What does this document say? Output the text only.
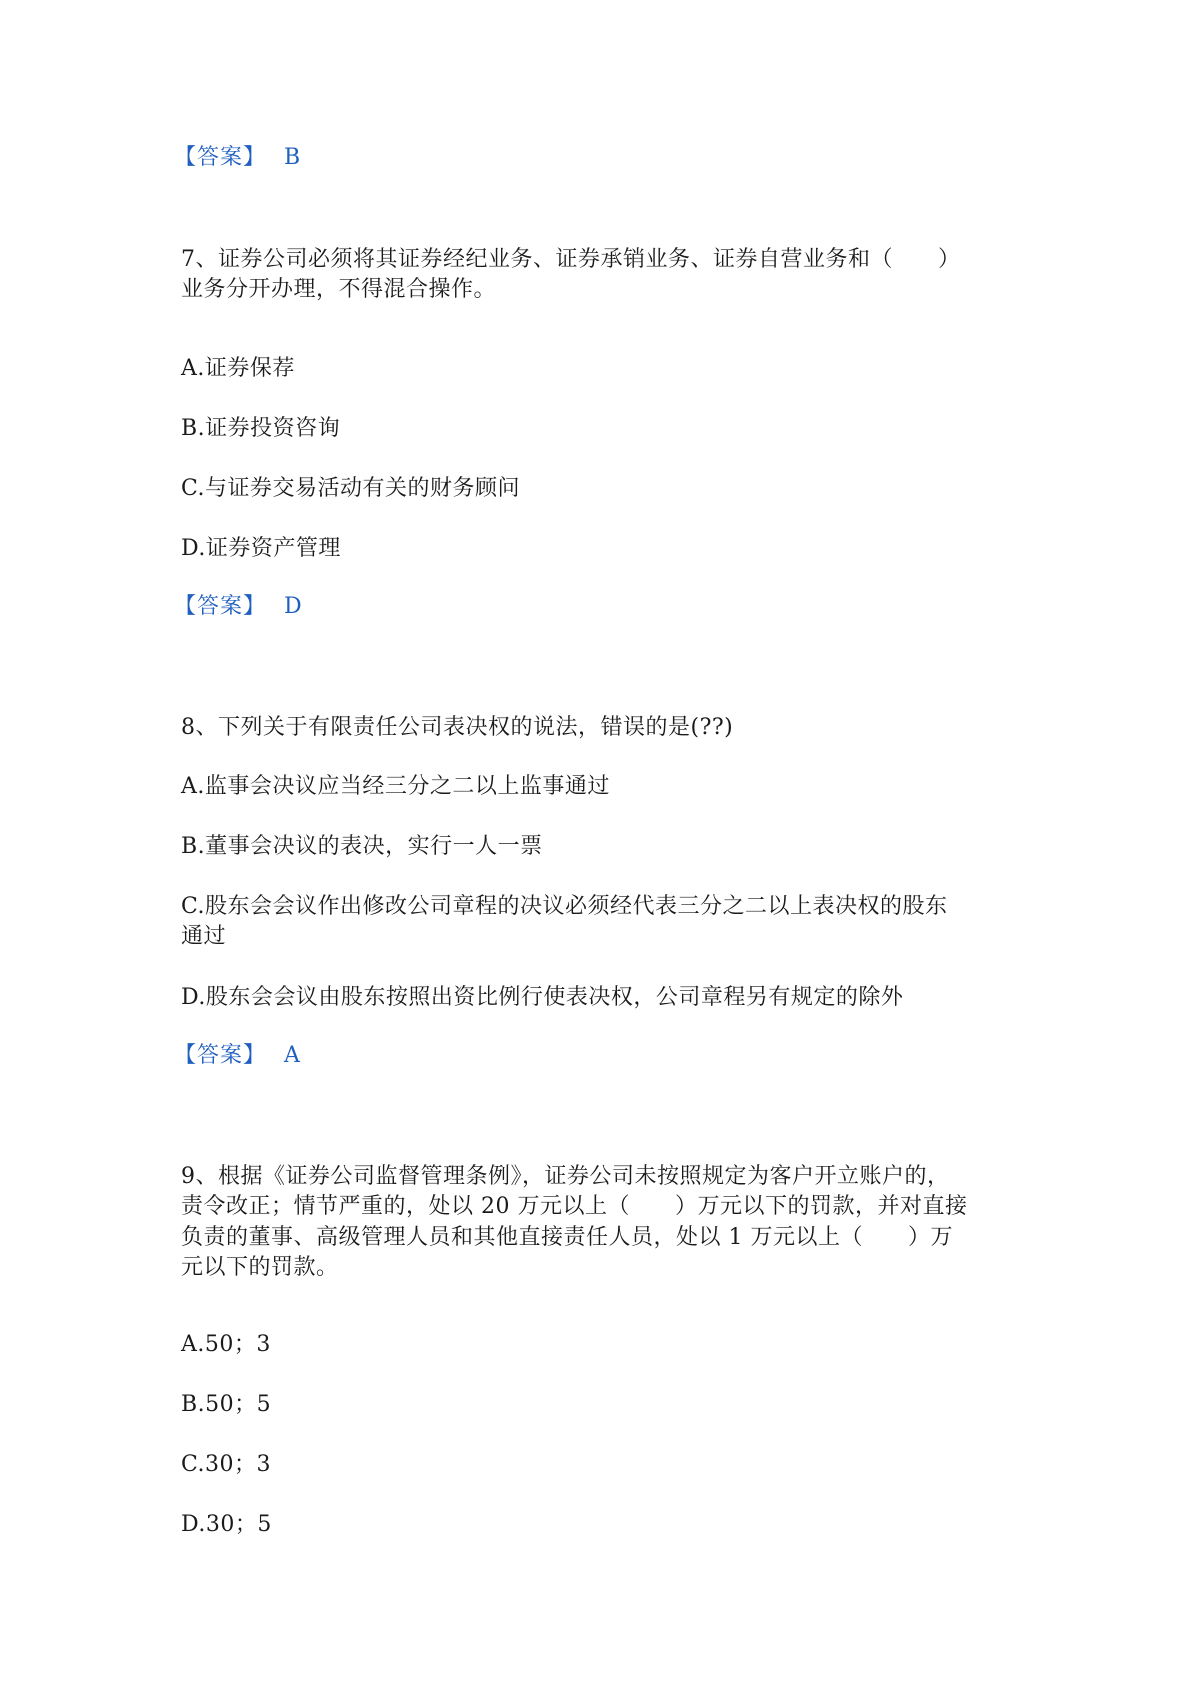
【答案】 B
7、证券公司必须将其证券经纪业务、证券承销业务、证券自营业务和（　　）
业务分开办理，不得混合操作。
A.证券保荐
B.证券投资咨询
C.与证券交易活动有关的财务顾问
D.证券资产管理
【答案】 D
8、下列关于有限责任公司表决权的说法，错误的是(??)
A.监事会决议应当经三分之二以上监事通过
B.董事会决议的表决，实行一人一票
C.股东会会议作出修改公司章程的决议必须经代表三分之二以上表决权的股东
通过
D.股东会会议由股东按照出资比例行使表决权，公司章程另有规定的除外
【答案】 A
9、根据《证券公司监督管理条例》，证券公司未按照规定为客户开立账户的，
责令改正；情节严重的，处以 20 万元以上（　　）万元以下的罚款，并对直接
负责的董事、高级管理人员和其他直接责任人员，处以 1 万元以上（　　）万
元以下的罚款。
A.50；3
B.50；5
C.30；3
D.30；5
